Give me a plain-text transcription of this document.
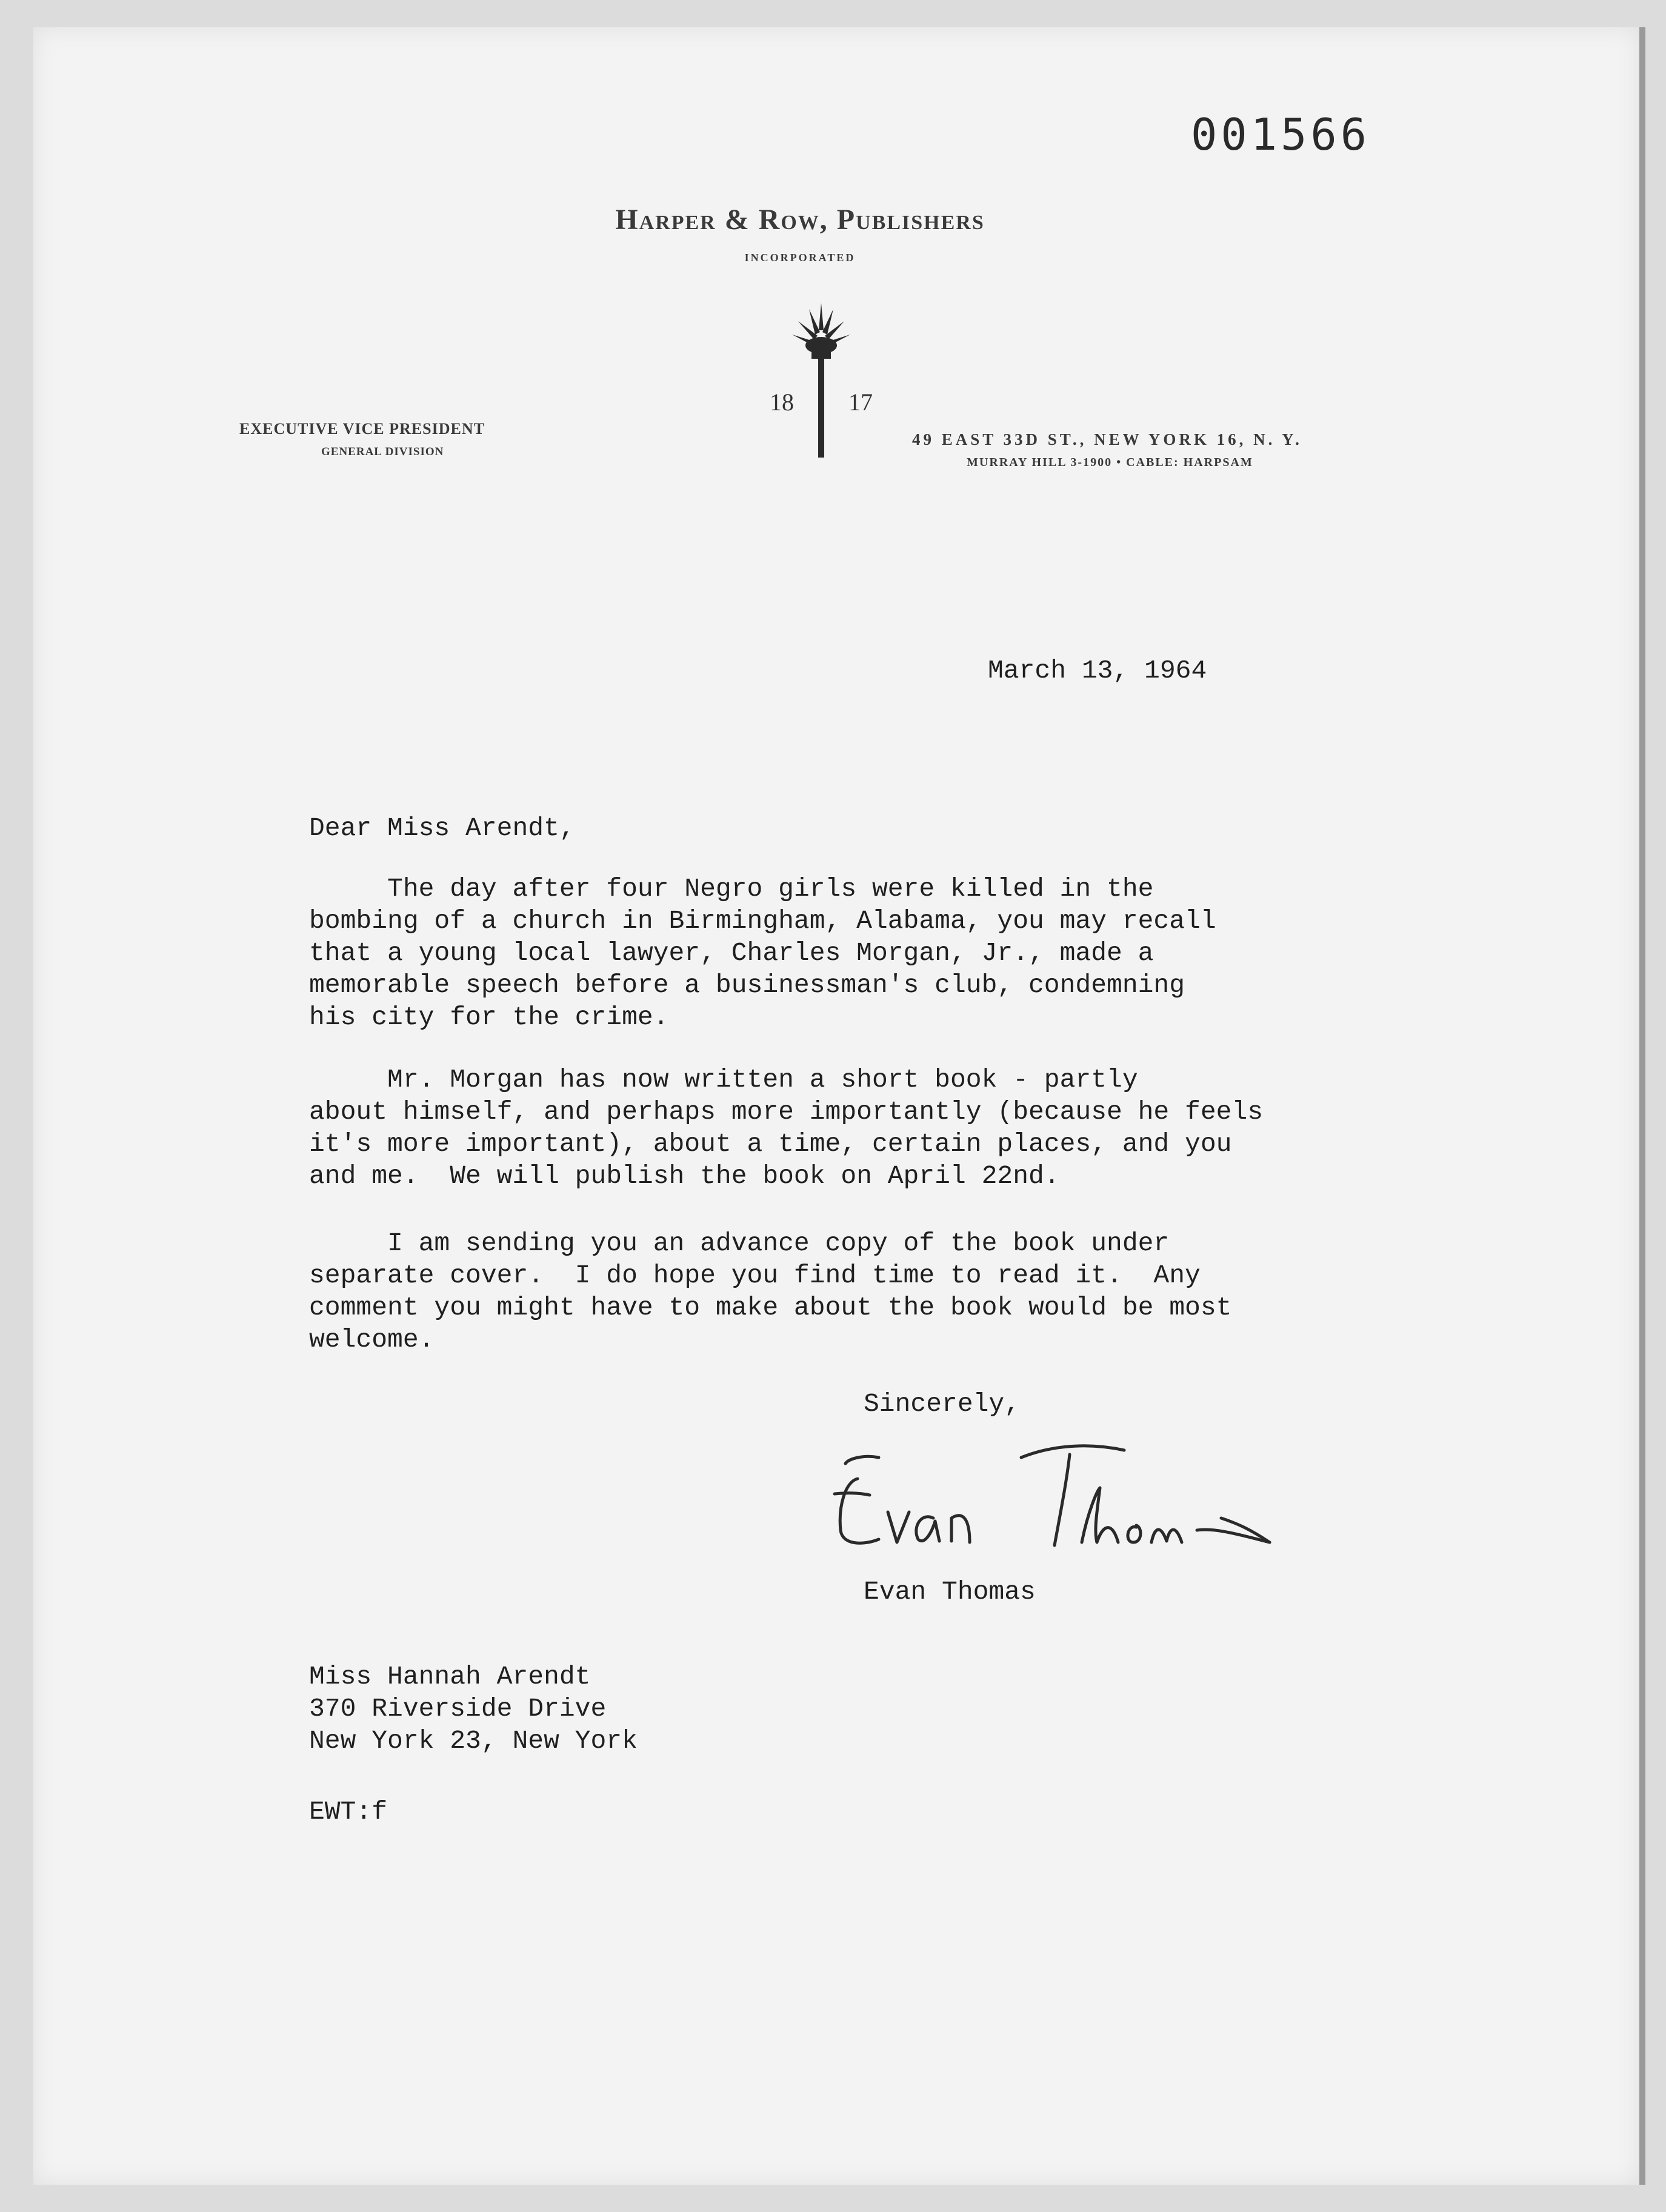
001566
Harper & Row, Publishers
INCORPORATED
18 17
EXECUTIVE VICE PRESIDENT
GENERAL DIVISION
49 EAST 33D ST., NEW YORK 16, N. Y.
MURRAY HILL 3-1900 • CABLE: HARPSAM
March 13, 1964
Dear Miss Arendt,
The day after four Negro girls were killed in the
bombing of a church in Birmingham, Alabama, you may recall
that a young local lawyer, Charles Morgan, Jr., made a
memorable speech before a businessman's club, condemning
his city for the crime.
Mr. Morgan has now written a short book - partly
about himself, and perhaps more importantly (because he feels
it's more important), about a time, certain places, and you
and me.  We will publish the book on April 22nd.
I am sending you an advance copy of the book under
separate cover.  I do hope you find time to read it.  Any
comment you might have to make about the book would be most
welcome.
Sincerely,
Evan Thomas
Miss Hannah Arendt
370 Riverside Drive
New York 23, New York
EWT:f
